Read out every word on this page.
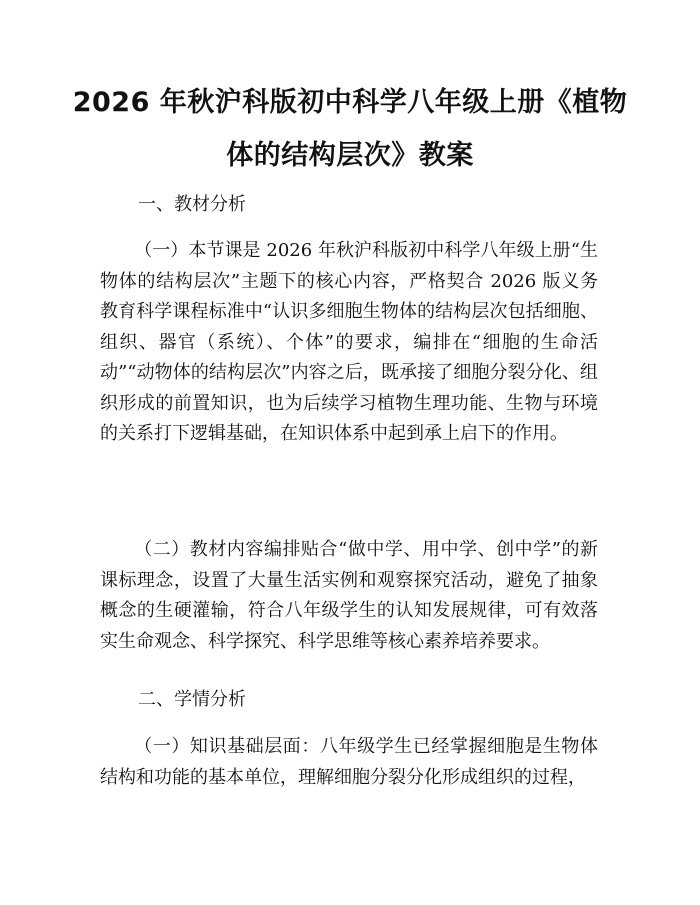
2026 年秋沪科版初中科学八年级上册《植物
体的结构层次》教案
一、教材分析

（一）本节课是 2026 年秋沪科版初中科学八年级上册“生物体的结构层次”主题下的核心内容，严格契合 2026 版义务教育科学课程标准中“认识多细胞生物体的结构层次包括细胞、组织、器官（系统）、个体”的要求，编排在“细胞的生命活动”“动物体的结构层次”内容之后，既承接了细胞分裂分化、组织形成的前置知识，也为后续学习植物生理功能、生物与环境的关系打下逻辑基础，在知识体系中起到承上启下的作用。

（二）教材内容编排贴合“做中学、用中学、创中学”的新课标理念，设置了大量生活实例和观察探究活动，避免了抽象概念的生硬灌输，符合八年级学生的认知发展规律，可有效落实生命观念、科学探究、科学思维等核心素养培养要求。

二、学情分析

（一）知识基础层面：八年级学生已经掌握细胞是生物体结构和功能的基本单位，理解细胞分裂分化形成组织的过程，
